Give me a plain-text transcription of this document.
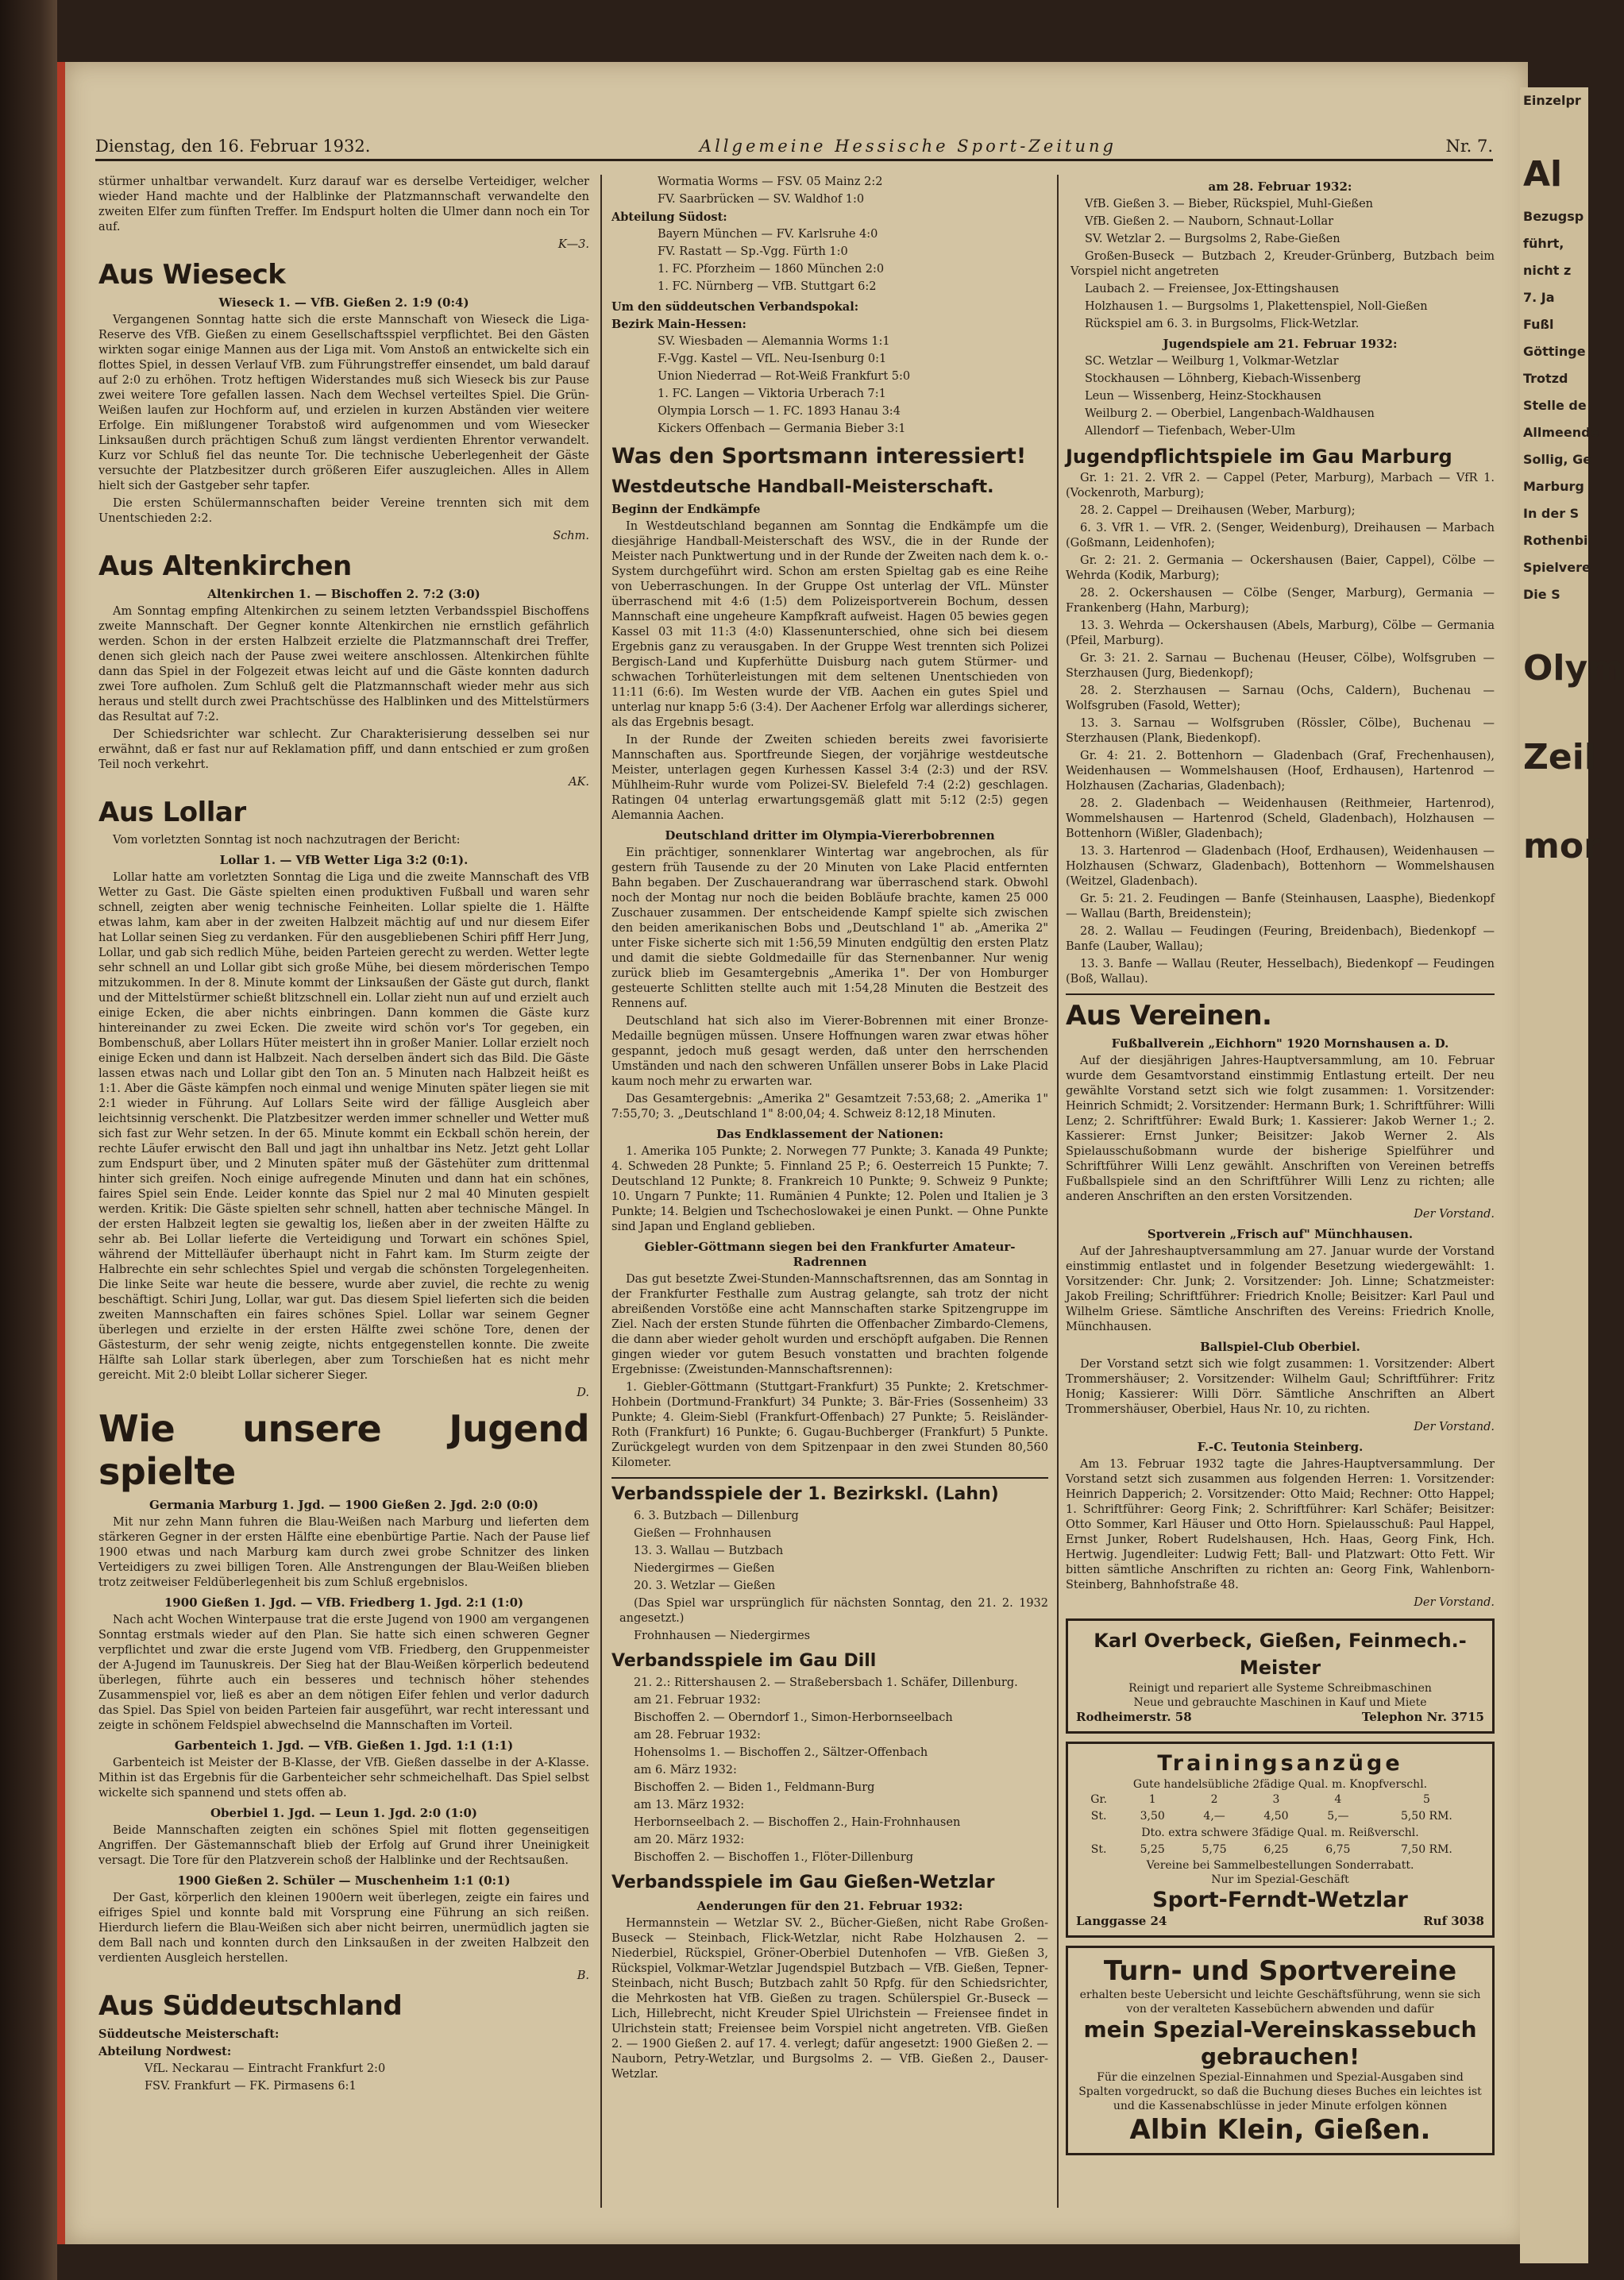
Dienstag, den 16. Februar 1932.	Allgemeine Hessische Sport-Zeitung	Nr. 7.

stürmer unhaltbar verwandelt. Kurz darauf war es derselbe Verteidiger, welcher wieder Hand machte und der Halblinke der Platzmannschaft verwandelte den zweiten Elfer zum fünften Treffer. Im Endspurt holten die Ulmer dann noch ein Tor auf.

K—3.

Aus Wieseck
Wieseck 1. — VfB. Gießen 2. 1:9 (0:4)

Vergangenen Sonntag hatte sich die erste Mannschaft von Wieseck die Liga-Reserve des VfB. Gießen zu einem Gesellschaftsspiel verpflichtet. Bei den Gästen wirkten sogar einige Mannen aus der Liga mit. Vom Anstoß an entwickelte sich ein flottes Spiel, in dessen Verlauf VfB. zum Führungstreffer einsendet, um bald darauf auf 2:0 zu erhöhen. Trotz heftigen Widerstandes muß sich Wieseck bis zur Pause zwei weitere Tore gefallen lassen. Nach dem Wechsel verteiltes Spiel. Die Grün-Weißen laufen zur Hochform auf, und erzielen in kurzen Abständen vier weitere Erfolge. Ein mißlungener Torabstoß wird aufgenommen und vom Wiesecker Linksaußen durch prächtigen Schuß zum längst verdienten Ehrentor verwandelt. Kurz vor Schluß fiel das neunte Tor. Die technische Ueberlegenheit der Gäste versuchte der Platzbesitzer durch größeren Eifer auszugleichen. Alles in Allem hielt sich der Gastgeber sehr tapfer.

Die ersten Schülermannschaften beider Vereine trennten sich mit dem Unentschieden 2:2.

Schm.

Aus Altenkirchen
Altenkirchen 1. — Bischoffen 2. 7:2 (3:0)

Am Sonntag empfing Altenkirchen zu seinem letzten Verbandsspiel Bischoffens zweite Mannschaft. Der Gegner konnte Altenkirchen nie ernstlich gefährlich werden. Schon in der ersten Halbzeit erzielte die Platzmannschaft drei Treffer, denen sich gleich nach der Pause zwei weitere anschlossen. Altenkirchen fühlte dann das Spiel in der Folgezeit etwas leicht auf und die Gäste konnten dadurch zwei Tore aufholen. Zum Schluß gelt die Platzmannschaft wieder mehr aus sich heraus und stellt durch zwei Prachtschüsse des Halblinken und des Mittelstürmers das Resultat auf 7:2.

Der Schiedsrichter war schlecht. Zur Charakterisierung desselben sei nur erwähnt, daß er fast nur auf Reklamation pfiff, und dann entschied er zum großen Teil noch verkehrt.

AK.

Aus Lollar

Vom vorletzten Sonntag ist noch nachzutragen der Bericht:

Lollar 1. — VfB Wetter Liga 3:2 (0:1).

Lollar hatte am vorletzten Sonntag die Liga und die zweite Mannschaft des VfB Wetter zu Gast. Die Gäste spielten einen produktiven Fußball und waren sehr schnell, zeigten aber wenig technische Feinheiten. Lollar spielte die 1. Hälfte etwas lahm, kam aber in der zweiten Halbzeit mächtig auf und nur diesem Eifer hat Lollar seinen Sieg zu verdanken. Für den ausgebliebenen Schiri pfiff Herr Jung, Lollar, und gab sich redlich Mühe, beiden Parteien gerecht zu werden. Wetter legte sehr schnell an und Lollar gibt sich große Mühe, bei diesem mörderischen Tempo mitzukommen. In der 8. Minute kommt der Linksaußen der Gäste gut durch, flankt und der Mittelstürmer schießt blitzschnell ein. Lollar zieht nun auf und erzielt auch einige Ecken, die aber nichts einbringen. Dann kommen die Gäste kurz hintereinander zu zwei Ecken. Die zweite wird schön vor's Tor gegeben, ein Bombenschuß, aber Lollars Hüter meistert ihn in großer Manier. Lollar erzielt noch einige Ecken und dann ist Halbzeit. Nach derselben ändert sich das Bild. Die Gäste lassen etwas nach und Lollar gibt den Ton an. 5 Minuten nach Halbzeit heißt es 1:1. Aber die Gäste kämpfen noch einmal und wenige Minuten später liegen sie mit 2:1 wieder in Führung. Auf Lollars Seite wird der fällige Ausgleich aber leichtsinnig verschenkt. Die Platzbesitzer werden immer schneller und Wetter muß sich fast zur Wehr setzen. In der 65. Minute kommt ein Eckball schön herein, der rechte Läufer erwischt den Ball und jagt ihn unhaltbar ins Netz. Jetzt geht Lollar zum Endspurt über, und 2 Minuten später muß der Gästehüter zum drittenmal hinter sich greifen. Noch einige aufregende Minuten und dann hat ein schönes, faires Spiel sein Ende. Leider konnte das Spiel nur 2 mal 40 Minuten gespielt werden. Kritik: Die Gäste spielten sehr schnell, hatten aber technische Mängel. In der ersten Halbzeit legten sie gewaltig los, ließen aber in der zweiten Hälfte zu sehr ab. Bei Lollar lieferte die Verteidigung und Torwart ein schönes Spiel, während der Mittelläufer überhaupt nicht in Fahrt kam. Im Sturm zeigte der Halbrechte ein sehr schlechtes Spiel und vergab die schönsten Torgelegenheiten. Die linke Seite war heute die bessere, wurde aber zuviel, die rechte zu wenig beschäftigt. Schiri Jung, Lollar, war gut. Das diesem Spiel lieferten sich die beiden zweiten Mannschaften ein faires schönes Spiel. Lollar war seinem Gegner überlegen und erzielte in der ersten Hälfte zwei schöne Tore, denen der Gästesturm, der sehr wenig zeigte, nichts entgegenstellen konnte. Die zweite Hälfte sah Lollar stark überlegen, aber zum Torschießen hat es nicht mehr gereicht. Mit 2:0 bleibt Lollar sicherer Sieger.

D.

Wie unsere Jugend spielte
Germania Marburg 1. Jgd. — 1900 Gießen 2. Jgd. 2:0 (0:0)

Mit nur zehn Mann fuhren die Blau-Weißen nach Marburg und lieferten dem stärkeren Gegner in der ersten Hälfte eine ebenbürtige Partie. Nach der Pause lief 1900 etwas und nach Marburg kam durch zwei grobe Schnitzer des linken Verteidigers zu zwei billigen Toren. Alle Anstrengungen der Blau-Weißen blieben trotz zeitweiser Feldüberlegenheit bis zum Schluß ergebnislos.

1900 Gießen 1. Jgd. — VfB. Friedberg 1. Jgd. 2:1 (1:0)

Nach acht Wochen Winterpause trat die erste Jugend von 1900 am vergangenen Sonntag erstmals wieder auf den Plan. Sie hatte sich einen schweren Gegner verpflichtet und zwar die erste Jugend vom VfB. Friedberg, den Gruppenmeister der A-Jugend im Taunuskreis. Der Sieg hat der Blau-Weißen körperlich bedeutend überlegen, führte auch ein besseres und technisch höher stehendes Zusammenspiel vor, ließ es aber an dem nötigen Eifer fehlen und verlor dadurch das Spiel. Das Spiel von beiden Parteien fair ausgeführt, war recht interessant und zeigte in schönem Feldspiel abwechselnd die Mannschaften im Vorteil.

Garbenteich 1. Jgd. — VfB. Gießen 1. Jgd. 1:1 (1:1)

Garbenteich ist Meister der B-Klasse, der VfB. Gießen dasselbe in der A-Klasse. Mithin ist das Ergebnis für die Garbenteicher sehr schmeichelhaft. Das Spiel selbst wickelte sich spannend und stets offen ab.

Oberbiel 1. Jgd. — Leun 1. Jgd. 2:0 (1:0)

Beide Mannschaften zeigten ein schönes Spiel mit flotten gegenseitigen Angriffen. Der Gästemannschaft blieb der Erfolg auf Grund ihrer Uneinigkeit versagt. Die Tore für den Platzverein schoß der Halblinke und der Rechtsaußen.

1900 Gießen 2. Schüler — Muschenheim 1:1 (0:1)

Der Gast, körperlich den kleinen 1900ern weit überlegen, zeigte ein faires und eifriges Spiel und konnte bald mit Vorsprung eine Führung an sich reißen. Hierdurch liefern die Blau-Weißen sich aber nicht beirren, unermüdlich jagten sie dem Ball nach und konnten durch den Linksaußen in der zweiten Halbzeit den verdienten Ausgleich herstellen.

B.

Aus Süddeutschland

Süddeutsche Meisterschaft:

Abteilung Nordwest:

VfL. Neckarau — Eintracht Frankfurt 2:0

FSV. Frankfurt — FK. Pirmasens 6:1

Wormatia Worms — FSV. 05 Mainz 2:2

FV. Saarbrücken — SV. Waldhof 1:0

Abteilung Südost:

Bayern München — FV. Karlsruhe 4:0

FV. Rastatt — Sp.-Vgg. Fürth 1:0

1. FC. Pforzheim — 1860 München 2:0

1. FC. Nürnberg — VfB. Stuttgart 6:2

Um den süddeutschen Verbandspokal:

Bezirk Main-Hessen:

SV. Wiesbaden — Alemannia Worms 1:1

F.-Vgg. Kastel — VfL. Neu-Isenburg 0:1

Union Niederrad — Rot-Weiß Frankfurt 5:0

1. FC. Langen — Viktoria Urberach 7:1

Olympia Lorsch — 1. FC. 1893 Hanau 3:4

Kickers Offenbach — Germania Bieber 3:1

Was den Sportsmann interessiert!
Westdeutsche Handball-Meisterschaft.

Beginn der Endkämpfe

In Westdeutschland begannen am Sonntag die Endkämpfe um die diesjährige Handball-Meisterschaft des WSV., die in der Runde der Meister nach Punktwertung und in der Runde der Zweiten nach dem k. o.-System durchgeführt wird. Schon am ersten Spieltag gab es eine Reihe von Ueberraschungen. In der Gruppe Ost unterlag der VfL. Münster überraschend mit 4:6 (1:5) dem Polizeisportverein Bochum, dessen Mannschaft eine ungeheure Kampfkraft aufweist. Hagen 05 bewies gegen Kassel 03 mit 11:3 (4:0) Klassenunterschied, ohne sich bei diesem Ergebnis ganz zu verausgaben. In der Gruppe West trennten sich Polizei Bergisch-Land und Kupferhütte Duisburg nach gutem Stürmer- und schwachen Torhüterleistungen mit dem seltenen Unentschieden von 11:11 (6:6). Im Westen wurde der VfB. Aachen ein gutes Spiel und unterlag nur knapp 5:6 (3:4). Der Aachener Erfolg war allerdings sicherer, als das Ergebnis besagt.

In der Runde der Zweiten schieden bereits zwei favorisierte Mannschaften aus. Sportfreunde Siegen, der vorjährige westdeutsche Meister, unterlagen gegen Kurhessen Kassel 3:4 (2:3) und der RSV. Mühlheim-Ruhr wurde vom Polizei-SV. Bielefeld 7:4 (2:2) geschlagen. Ratingen 04 unterlag erwartungsgemäß glatt mit 5:12 (2:5) gegen Alemannia Aachen.

Deutschland dritter im Olympia-Viererbobrennen

Ein prächtiger, sonnenklarer Wintertag war angebrochen, als für gestern früh Tausende zu der 20 Minuten von Lake Placid entfernten Bahn begaben. Der Zuschauerandrang war überraschend stark. Obwohl noch der Montag nur noch die beiden Bobläufe brachte, kamen 25 000 Zuschauer zusammen. Der entscheidende Kampf spielte sich zwischen den beiden amerikanischen Bobs und „Deutschland 1" ab. „Amerika 2" unter Fiske sicherte sich mit 1:56,59 Minuten endgültig den ersten Platz und damit die siebte Goldmedaille für das Sternenbanner. Nur wenig zurück blieb im Gesamtergebnis „Amerika 1". Der von Homburger gesteuerte Schlitten stellte auch mit 1:54,28 Minuten die Bestzeit des Rennens auf.

Deutschland hat sich also im Vierer-Bobrennen mit einer Bronze-Medaille begnügen müssen. Unsere Hoffnungen waren zwar etwas höher gespannt, jedoch muß gesagt werden, daß unter den herrschenden Umständen und nach den schweren Unfällen unserer Bobs in Lake Placid kaum noch mehr zu erwarten war.

Das Gesamtergebnis: „Amerika 2" Gesamtzeit 7:53,68; 2. „Amerika 1" 7:55,70; 3. „Deutschland 1" 8:00,04; 4. Schweiz 8:12,18 Minuten.

Das Endklassement der Nationen:

1. Amerika 105 Punkte; 2. Norwegen 77 Punkte; 3. Kanada 49 Punkte; 4. Schweden 28 Punkte; 5. Finnland 25 P.; 6. Oesterreich 15 Punkte; 7. Deutschland 12 Punkte; 8. Frankreich 10 Punkte; 9. Schweiz 9 Punkte; 10. Ungarn 7 Punkte; 11. Rumänien 4 Punkte; 12. Polen und Italien je 3 Punkte; 14. Belgien und Tschechoslowakei je einen Punkt. — Ohne Punkte sind Japan und England geblieben.

Giebler-Göttmann siegen bei den Frankfurter Amateur-Radrennen

Das gut besetzte Zwei-Stunden-Mannschaftsrennen, das am Sonntag in der Frankfurter Festhalle zum Austrag gelangte, sah trotz der nicht abreißenden Vorstöße eine acht Mannschaften starke Spitzengruppe im Ziel. Nach der ersten Stunde führten die Offenbacher Zimbardo-Clemens, die dann aber wieder geholt wurden und erschöpft aufgaben. Die Rennen gingen wieder vor gutem Besuch vonstatten und brachten folgende Ergebnisse: (Zweistunden-Mannschaftsrennen):

1. Giebler-Göttmann (Stuttgart-Frankfurt) 35 Punkte; 2. Kretschmer-Hohbein (Dortmund-Frankfurt) 34 Punkte; 3. Bär-Fries (Sossenheim) 33 Punkte; 4. Gleim-Siebl (Frankfurt-Offenbach) 27 Punkte; 5. Reisländer-Roth (Frankfurt) 16 Punkte; 6. Gugau-Buchberger (Frankfurt) 5 Punkte. Zurückgelegt wurden von dem Spitzenpaar in den zwei Stunden 80,560 Kilometer.

Verbandsspiele der 1. Bezirkskl. (Lahn)

6. 3. Butzbach — Dillenburg

Gießen — Frohnhausen

13. 3. Wallau — Butzbach

Niedergirmes — Gießen

20. 3. Wetzlar — Gießen

(Das Spiel war ursprünglich für nächsten Sonntag, den 21. 2. 1932 angesetzt.)

Frohnhausen — Niedergirmes

Verbandsspiele im Gau Dill

21. 2.: Rittershausen 2. — Straßebersbach 1. Schäfer, Dillenburg.

am 21. Februar 1932:

Bischoffen 2. — Oberndorf 1., Simon-Herbornseelbach

am 28. Februar 1932:

Hohensolms 1. — Bischoffen 2., Sältzer-Offenbach

am 6. März 1932:

Bischoffen 2. — Biden 1., Feldmann-Burg

am 13. März 1932:

Herbornseelbach 2. — Bischoffen 2., Hain-Frohnhausen

am 20. März 1932:

Bischoffen 2. — Bischoffen 1., Flöter-Dillenburg

Verbandsspiele im Gau Gießen-Wetzlar
Aenderungen für den 21. Februar 1932:

Hermannstein — Wetzlar SV. 2., Bücher-Gießen, nicht Rabe Großen-Buseck — Steinbach, Flick-Wetzlar, nicht Rabe Holzhausen 2. — Niederbiel, Rückspiel, Gröner-Oberbiel Dutenhofen — VfB. Gießen 3, Rückspiel, Volkmar-Wetzlar Jugendspiel Butzbach — VfB. Gießen, Tepner-Steinbach, nicht Busch; Butzbach zahlt 50 Rpfg. für den Schiedsrichter, die Mehrkosten hat VfB. Gießen zu tragen. Schülerspiel Gr.-Buseck — Lich, Hillebrecht, nicht Kreuder Spiel Ulrichstein — Freiensee findet in Ulrichstein statt; Freiensee beim Vorspiel nicht angetreten. VfB. Gießen 2. — 1900 Gießen 2. auf 17. 4. verlegt; dafür angesetzt: 1900 Gießen 2. — Nauborn, Petry-Wetzlar, und Burgsolms 2. — VfB. Gießen 2., Dauser-Wetzlar.

am 28. Februar 1932:

VfB. Gießen 3. — Bieber, Rückspiel, Muhl-Gießen

VfB. Gießen 2. — Nauborn, Schnaut-Lollar

SV. Wetzlar 2. — Burgsolms 2, Rabe-Gießen

Großen-Buseck — Butzbach 2, Kreuder-Grünberg, Butzbach beim Vorspiel nicht angetreten

Laubach 2. — Freiensee, Jox-Ettingshausen

Holzhausen 1. — Burgsolms 1, Plakettenspiel, Noll-Gießen

Rückspiel am 6. 3. in Burgsolms, Flick-Wetzlar.

Jugendspiele am 21. Februar 1932:

SC. Wetzlar — Weilburg 1, Volkmar-Wetzlar

Stockhausen — Löhnberg, Kiebach-Wissenberg

Leun — Wissenberg, Heinz-Stockhausen

Weilburg 2. — Oberbiel, Langenbach-Waldhausen

Allendorf — Tiefenbach, Weber-Ulm

Jugendpflichtspiele im Gau Marburg

Gr. 1: 21. 2. VfR 2. — Cappel (Peter, Marburg), Marbach — VfR 1. (Vockenroth, Marburg);

28. 2. Cappel — Dreihausen (Weber, Marburg);

6. 3. VfR 1. — VfR. 2. (Senger, Weidenburg), Dreihausen — Marbach (Goßmann, Leidenhofen);

Gr. 2: 21. 2. Germania — Ockershausen (Baier, Cappel), Cölbe — Wehrda (Kodik, Marburg);

28. 2. Ockershausen — Cölbe (Senger, Marburg), Germania — Frankenberg (Hahn, Marburg);

13. 3. Wehrda — Ockershausen (Abels, Marburg), Cölbe — Germania (Pfeil, Marburg).

Gr. 3: 21. 2. Sarnau — Buchenau (Heuser, Cölbe), Wolfsgruben — Sterzhausen (Jurg, Biedenkopf);

28. 2. Sterzhausen — Sarnau (Ochs, Caldern), Buchenau — Wolfsgruben (Fasold, Wetter);

13. 3. Sarnau — Wolfsgruben (Rössler, Cölbe), Buchenau — Sterzhausen (Plank, Biedenkopf).

Gr. 4: 21. 2. Bottenhorn — Gladenbach (Graf, Frechenhausen), Weidenhausen — Wommelshausen (Hoof, Erdhausen), Hartenrod — Holzhausen (Zacharias, Gladenbach);

28. 2. Gladenbach — Weidenhausen (Reithmeier, Hartenrod), Wommelshausen — Hartenrod (Scheld, Gladenbach), Holzhausen — Bottenhorn (Wißler, Gladenbach);

13. 3. Hartenrod — Gladenbach (Hoof, Erdhausen), Weidenhausen — Holzhausen (Schwarz, Gladenbach), Bottenhorn — Wommelshausen (Weitzel, Gladenbach).

Gr. 5: 21. 2. Feudingen — Banfe (Steinhausen, Laasphe), Biedenkopf — Wallau (Barth, Breidenstein);

28. 2. Wallau — Feudingen (Feuring, Breidenbach), Biedenkopf — Banfe (Lauber, Wallau);

13. 3. Banfe — Wallau (Reuter, Hesselbach), Biedenkopf — Feudingen (Boß, Wallau).

Aus Vereinen.
Fußballverein „Eichhorn" 1920 Mornshausen a. D.

Auf der diesjährigen Jahres-Hauptversammlung, am 10. Februar wurde dem Gesamtvorstand einstimmig Entlastung erteilt. Der neu gewählte Vorstand setzt sich wie folgt zusammen: 1. Vorsitzender: Heinrich Schmidt; 2. Vorsitzender: Hermann Burk; 1. Schriftführer: Willi Lenz; 2. Schriftführer: Ewald Burk; 1. Kassierer: Jakob Werner 1.; 2. Kassierer: Ernst Junker; Beisitzer: Jakob Werner 2. Als Spielausschußobmann wurde der bisherige Spielführer und Schriftführer Willi Lenz gewählt. Anschriften von Vereinen betreffs Fußballspiele sind an den Schriftführer Willi Lenz zu richten; alle anderen Anschriften an den ersten Vorsitzenden.

Der Vorstand.

Sportverein „Frisch auf" Münchhausen.

Auf der Jahreshauptversammlung am 27. Januar wurde der Vorstand einstimmig entlastet und in folgender Besetzung wiedergewählt: 1. Vorsitzender: Chr. Junk; 2. Vorsitzender: Joh. Linne; Schatzmeister: Jakob Freiling; Schriftführer: Friedrich Knolle; Beisitzer: Karl Paul und Wilhelm Griese. Sämtliche Anschriften des Vereins: Friedrich Knolle, Münchhausen.

Ballspiel-Club Oberbiel.

Der Vorstand setzt sich wie folgt zusammen: 1. Vorsitzender: Albert Trommershäuser; 2. Vorsitzender: Wilhelm Gaul; Schriftführer: Fritz Honig; Kassierer: Willi Dörr. Sämtliche Anschriften an Albert Trommershäuser, Oberbiel, Haus Nr. 10, zu richten.

Der Vorstand.

F.-C. Teutonia Steinberg.

Am 13. Februar 1932 tagte die Jahres-Hauptversammlung. Der Vorstand setzt sich zusammen aus folgenden Herren: 1. Vorsitzender: Heinrich Dapperich; 2. Vorsitzender: Otto Maid; Rechner: Otto Happel; 1. Schriftführer: Georg Fink; 2. Schriftführer: Karl Schäfer; Beisitzer: Otto Sommer, Karl Häuser und Otto Horn. Spielausschuß: Paul Happel, Ernst Junker, Robert Rudelshausen, Hch. Haas, Georg Fink, Hch. Hertwig. Jugendleiter: Ludwig Fett; Ball- und Platzwart: Otto Fett. Wir bitten sämtliche Anschriften zu richten an: Georg Fink, Wahlenborn-Steinberg, Bahnhofstraße 48.

Der Vorstand.

Karl Overbeck, Gießen, Feinmech.-Meister
Reinigt und repariert alle Systeme Schreibmaschinen
Neue und gebrauchte Maschinen in Kauf und Miete
Rodheimerstr. 58	Telephon Nr. 3715
Trainingsanzüge
Gute handelsübliche 2fädige Qual. m. Knopfverschl.
Gr.	1	2	3	4	5
St.	3,50	4,—	4,50	5,—	5,50 RM.
Dto. extra schwere 3fädige Qual. m. Reißverschl.					
St.	5,25	5,75	6,25	6,75	7,50 RM.
Vereine bei Sammelbestellungen Sonderrabatt.
Nur im Spezial-Geschäft
Sport-Ferndt-Wetzlar
Langgasse 24	Ruf 3038
Turn- und Sportvereine
erhalten beste Uebersicht und leichte Geschäftsführung, wenn sie sich von der veralteten Kassebüchern abwenden und dafür
mein Spezial-Vereinskassebuch gebrauchen!
Für die einzelnen Spezial-Einnahmen und Spezial-Ausgaben sind Spalten vorgedruckt, so daß die Buchung dieses Buches ein leichtes ist und die Kassenabschlüsse in jeder Minute erfolgen können
Albin Klein, Gießen.
Einzelpr
Al
Bezugsp
führt,
nicht z
7. Ja
Fußl
Göttinge
Trotzd
Stelle de
Allmeende
Sollig, Ge
Marburg
In der S
Rothenbi
Spielvere
Die S
Olym
Zeil
mor
